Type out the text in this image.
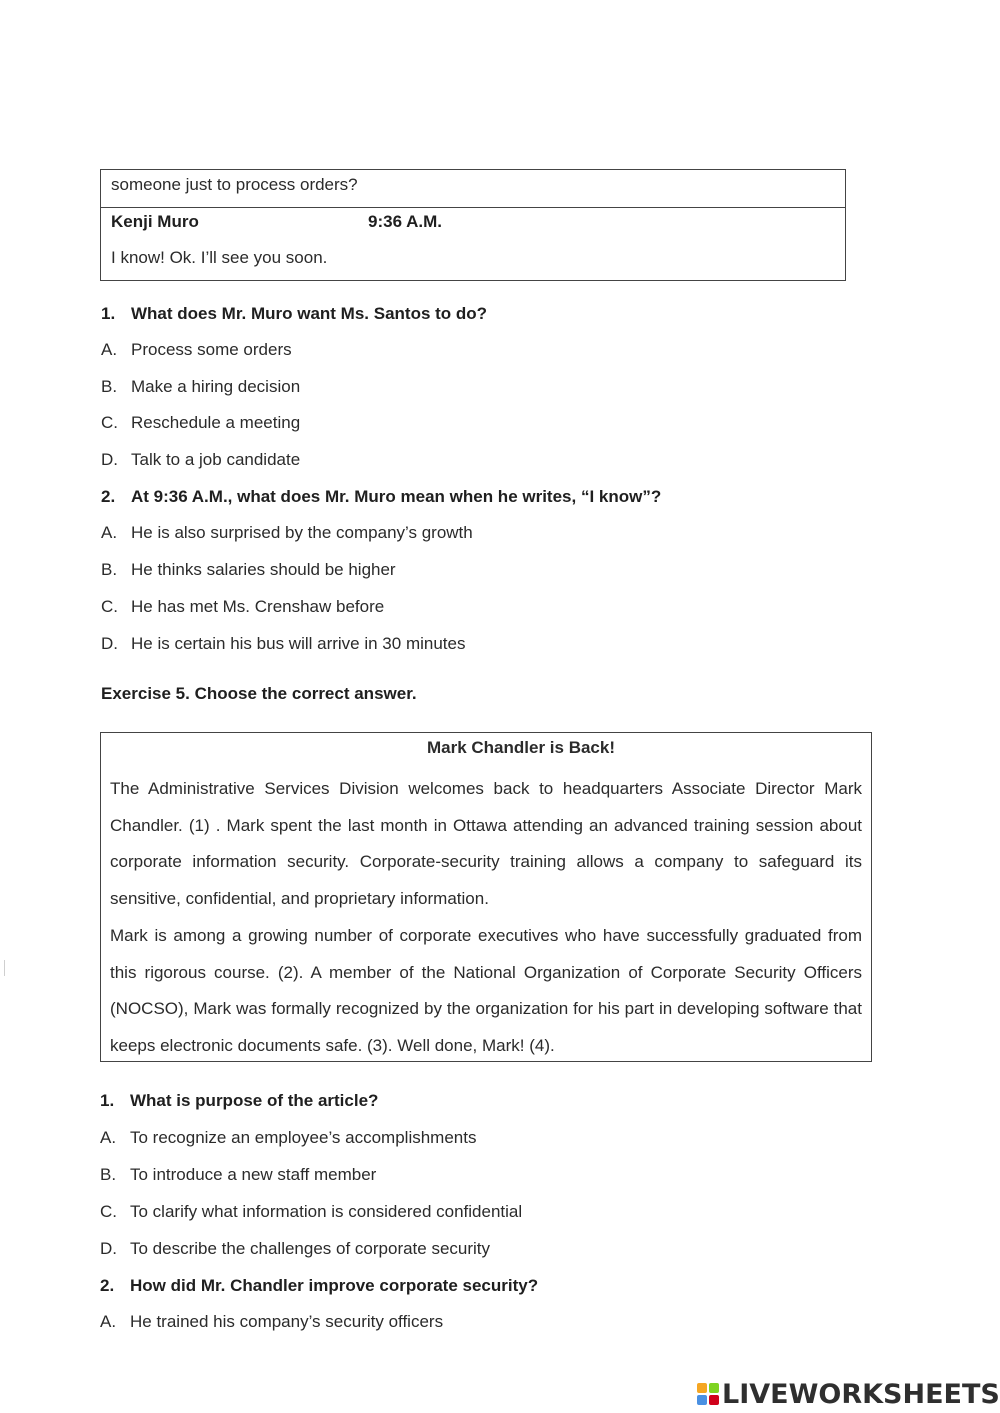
someone just to process orders?
Kenji Muro	9:36 A.M.
I know! Ok. I’ll see you soon.
1. What does Mr. Muro want Ms. Santos to do?
A. Process some orders
B. Make a hiring decision
C. Reschedule a meeting
D. Talk to a job candidate
2. At 9:36 A.M., what does Mr. Muro mean when he writes, “I know”?
A. He is also surprised by the company’s growth
B. He thinks salaries should be higher
C. He has met Ms. Crenshaw before
D. He is certain his bus will arrive in 30 minutes
Exercise 5. Choose the correct answer.
Mark Chandler is Back!

The Administrative Services Division welcomes back to headquarters Associate Director Mark Chandler. (1) . Mark spent the last month in Ottawa attending an advanced training session about corporate information security. Corporate-security training allows a company to safeguard its sensitive, confidential, and proprietary information.

Mark is among a growing number of corporate executives who have successfully graduated from this rigorous course. (2). A member of the National Organization of Corporate Security Officers (NOCSO), Mark was formally recognized by the organization for his part in developing software that keeps electronic documents safe. (3). Well done, Mark! (4).

1. What is purpose of the article?
A. To recognize an employee’s accomplishments
B. To introduce a new staff member
C. To clarify what information is considered confidential
D. To describe the challenges of corporate security
2. How did Mr. Chandler improve corporate security?
A. He trained his company’s security officers
LIVE WORKSHEETS
